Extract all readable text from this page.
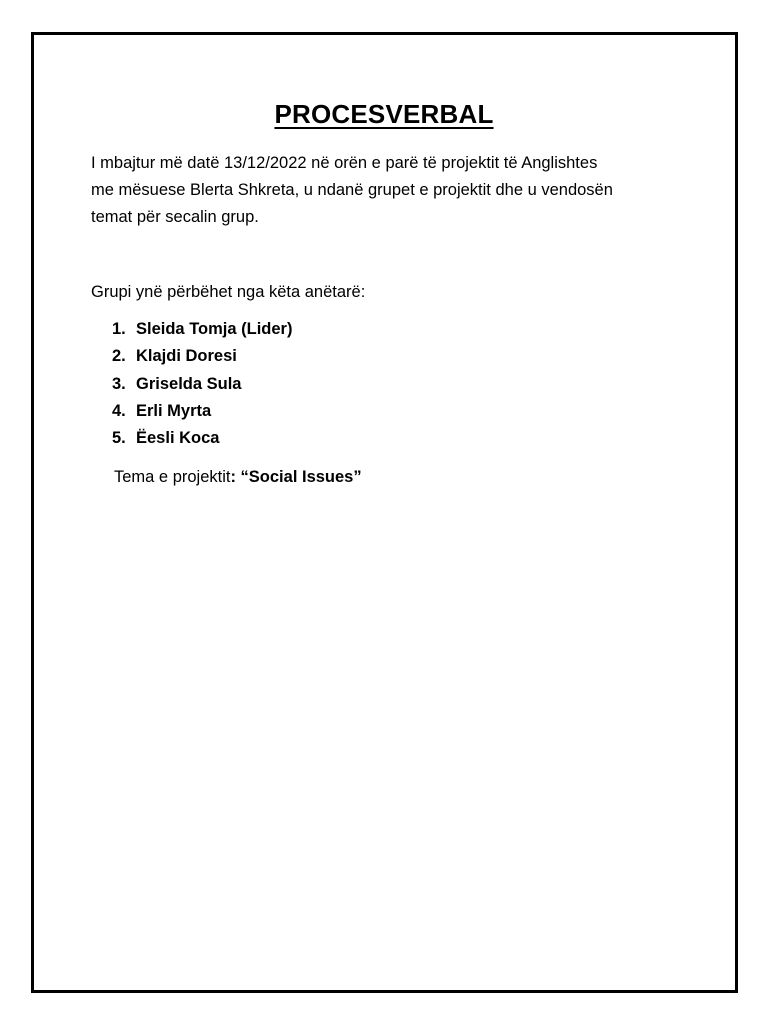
PROCESVERBAL

I mbajtur më datë 13/12/2022 në orën e parë të projektit të Anglishtes
me mësuese Blerta Shkreta, u ndanë grupet e projektit dhe u vendosën
temat për secalin grup.

Grupi ynë përbëhet nga këta anëtarë:

1. Sleida Tomja (Lider)
2. Klajdi Doresi
3. Griselda Sula
4. Erli Myrta
5. Ëesli Koca

Tema e projektit: “Social Issues”
